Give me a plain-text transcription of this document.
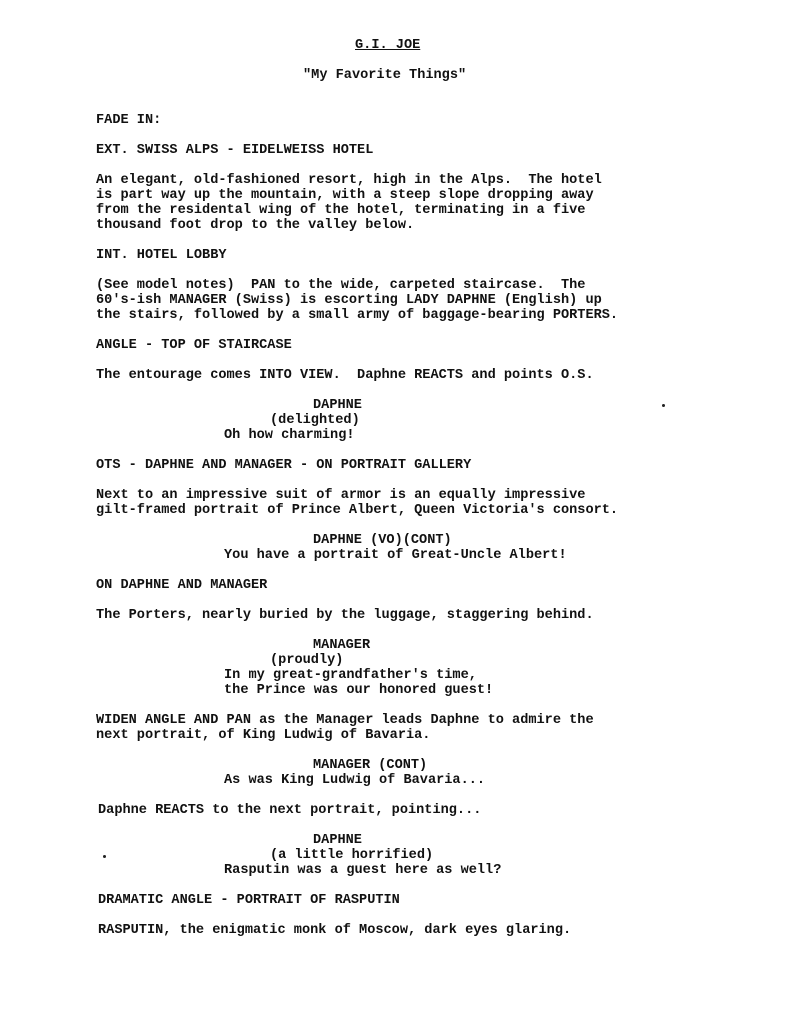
G.I. JOE
"My Favorite Things"
FADE IN:
EXT. SWISS ALPS - EIDELWEISS HOTEL
An elegant, old-fashioned resort, high in the Alps.  The hotel
is part way up the mountain, with a steep slope dropping away
from the residental wing of the hotel, terminating in a five
thousand foot drop to the valley below.
INT. HOTEL LOBBY
(See model notes)  PAN to the wide, carpeted staircase.  The
60's-ish MANAGER (Swiss) is escorting LADY DAPHNE (English) up
the stairs, followed by a small army of baggage-bearing PORTERS.
ANGLE - TOP OF STAIRCASE
The entourage comes INTO VIEW.  Daphne REACTS and points O.S.
DAPHNE
(delighted)
Oh how charming!
OTS - DAPHNE AND MANAGER - ON PORTRAIT GALLERY
Next to an impressive suit of armor is an equally impressive
gilt-framed portrait of Prince Albert, Queen Victoria's consort.
DAPHNE (VO)(CONT)
You have a portrait of Great-Uncle Albert!
ON DAPHNE AND MANAGER
The Porters, nearly buried by the luggage, staggering behind.
MANAGER
(proudly)
In my great-grandfather's time,
the Prince was our honored guest!
WIDEN ANGLE AND PAN as the Manager leads Daphne to admire the
next portrait, of King Ludwig of Bavaria.
MANAGER (CONT)
As was King Ludwig of Bavaria...
Daphne REACTS to the next portrait, pointing...
DAPHNE
(a little horrified)
Rasputin was a guest here as well?
DRAMATIC ANGLE - PORTRAIT OF RASPUTIN
RASPUTIN, the enigmatic monk of Moscow, dark eyes glaring.
